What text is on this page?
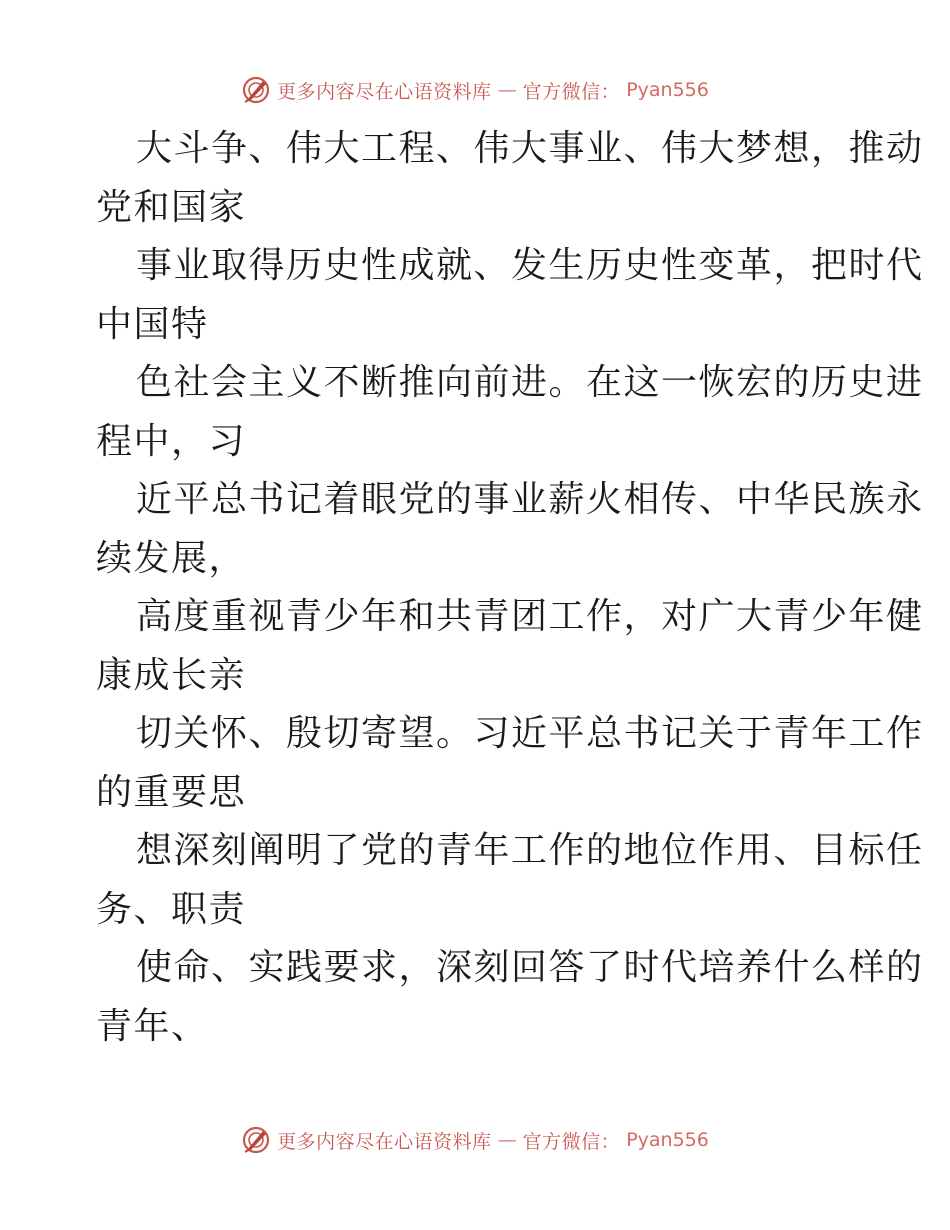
更多内容尽在心语资料库 — 官方微信： Pyan556
大斗争、伟大工程、伟大事业、伟大梦想，推动
党和国家
事业取得历史性成就、发生历史性变革，把时代
中国特
色社会主义不断推向前进。在这一恢宏的历史进
程中，习
近平总书记着眼党的事业薪火相传、中华民族永
续发展，
高度重视青少年和共青团工作，对广大青少年健
康成长亲
切关怀、殷切寄望。习近平总书记关于青年工作
的重要思
想深刻阐明了党的青年工作的地位作用、目标任
务、职责
使命、实践要求，深刻回答了时代培养什么样的
青年、
更多内容尽在心语资料库 — 官方微信： Pyan556
